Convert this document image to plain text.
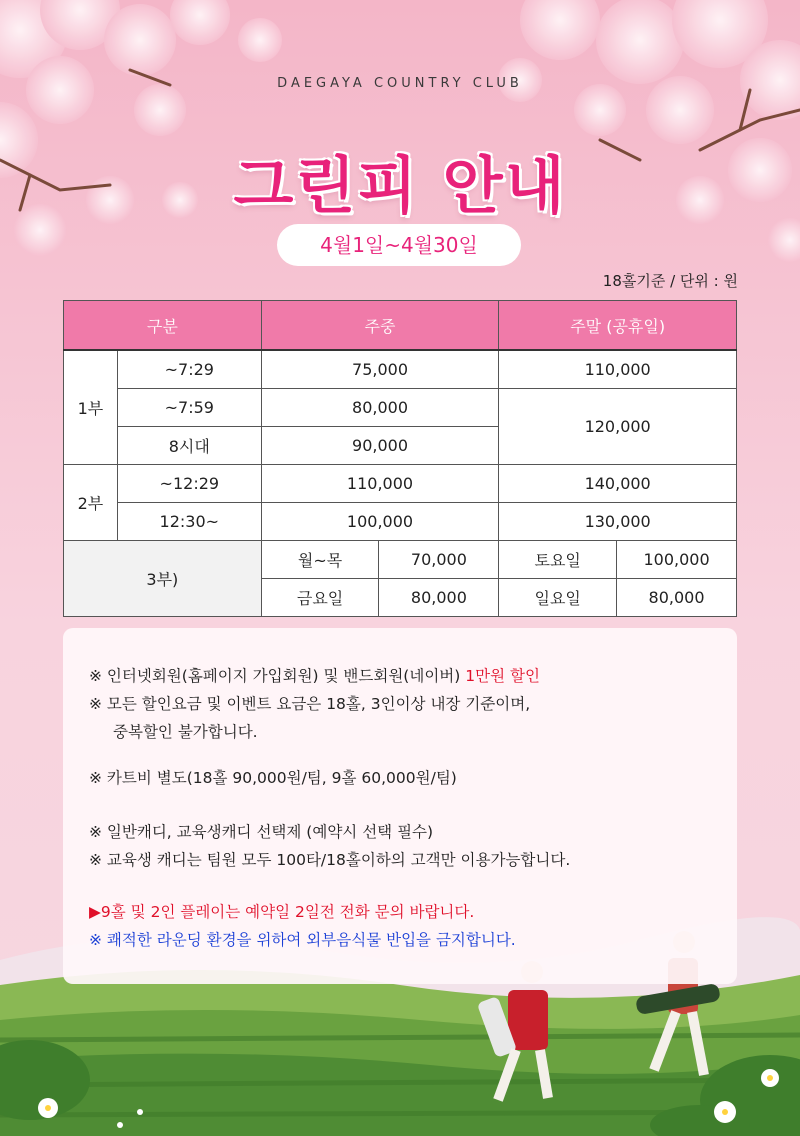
DAEGAYA COUNTRY CLUB
그린피 안내
4월1일~4월30일
18홀기준 / 단위 : 원
구분		주중		주말 (공휴일)	
1부	~7:29	75,000		110,000	
	~7:59	80,000		120,000	
	8시대	90,000			
2부	~12:29	110,000		140,000	
	12:30~	100,000		130,000	
3부)		월~목	70,000	토요일	100,000
		금요일	80,000	일요일	80,000
※ 인터넷회원(홈페이지 가입회원) 및 밴드회원(네이버) 1만원 할인
※ 모든 할인요금 및 이벤트 요금은 18홀, 3인이상 내장 기준이며,
중복할인 불가합니다.
※ 카트비 별도(18홀 90,000원/팀, 9홀 60,000원/팀)
※ 일반캐디, 교육생캐디 선택제 (예약시 선택 필수)
※ 교육생 캐디는 팀원 모두 100타/18홀이하의 고객만 이용가능합니다.
▶9홀 및 2인 플레이는 예약일 2일전 전화 문의 바랍니다.
※ 쾌적한 라운딩 환경을 위하여 외부음식물 반입을 금지합니다.
